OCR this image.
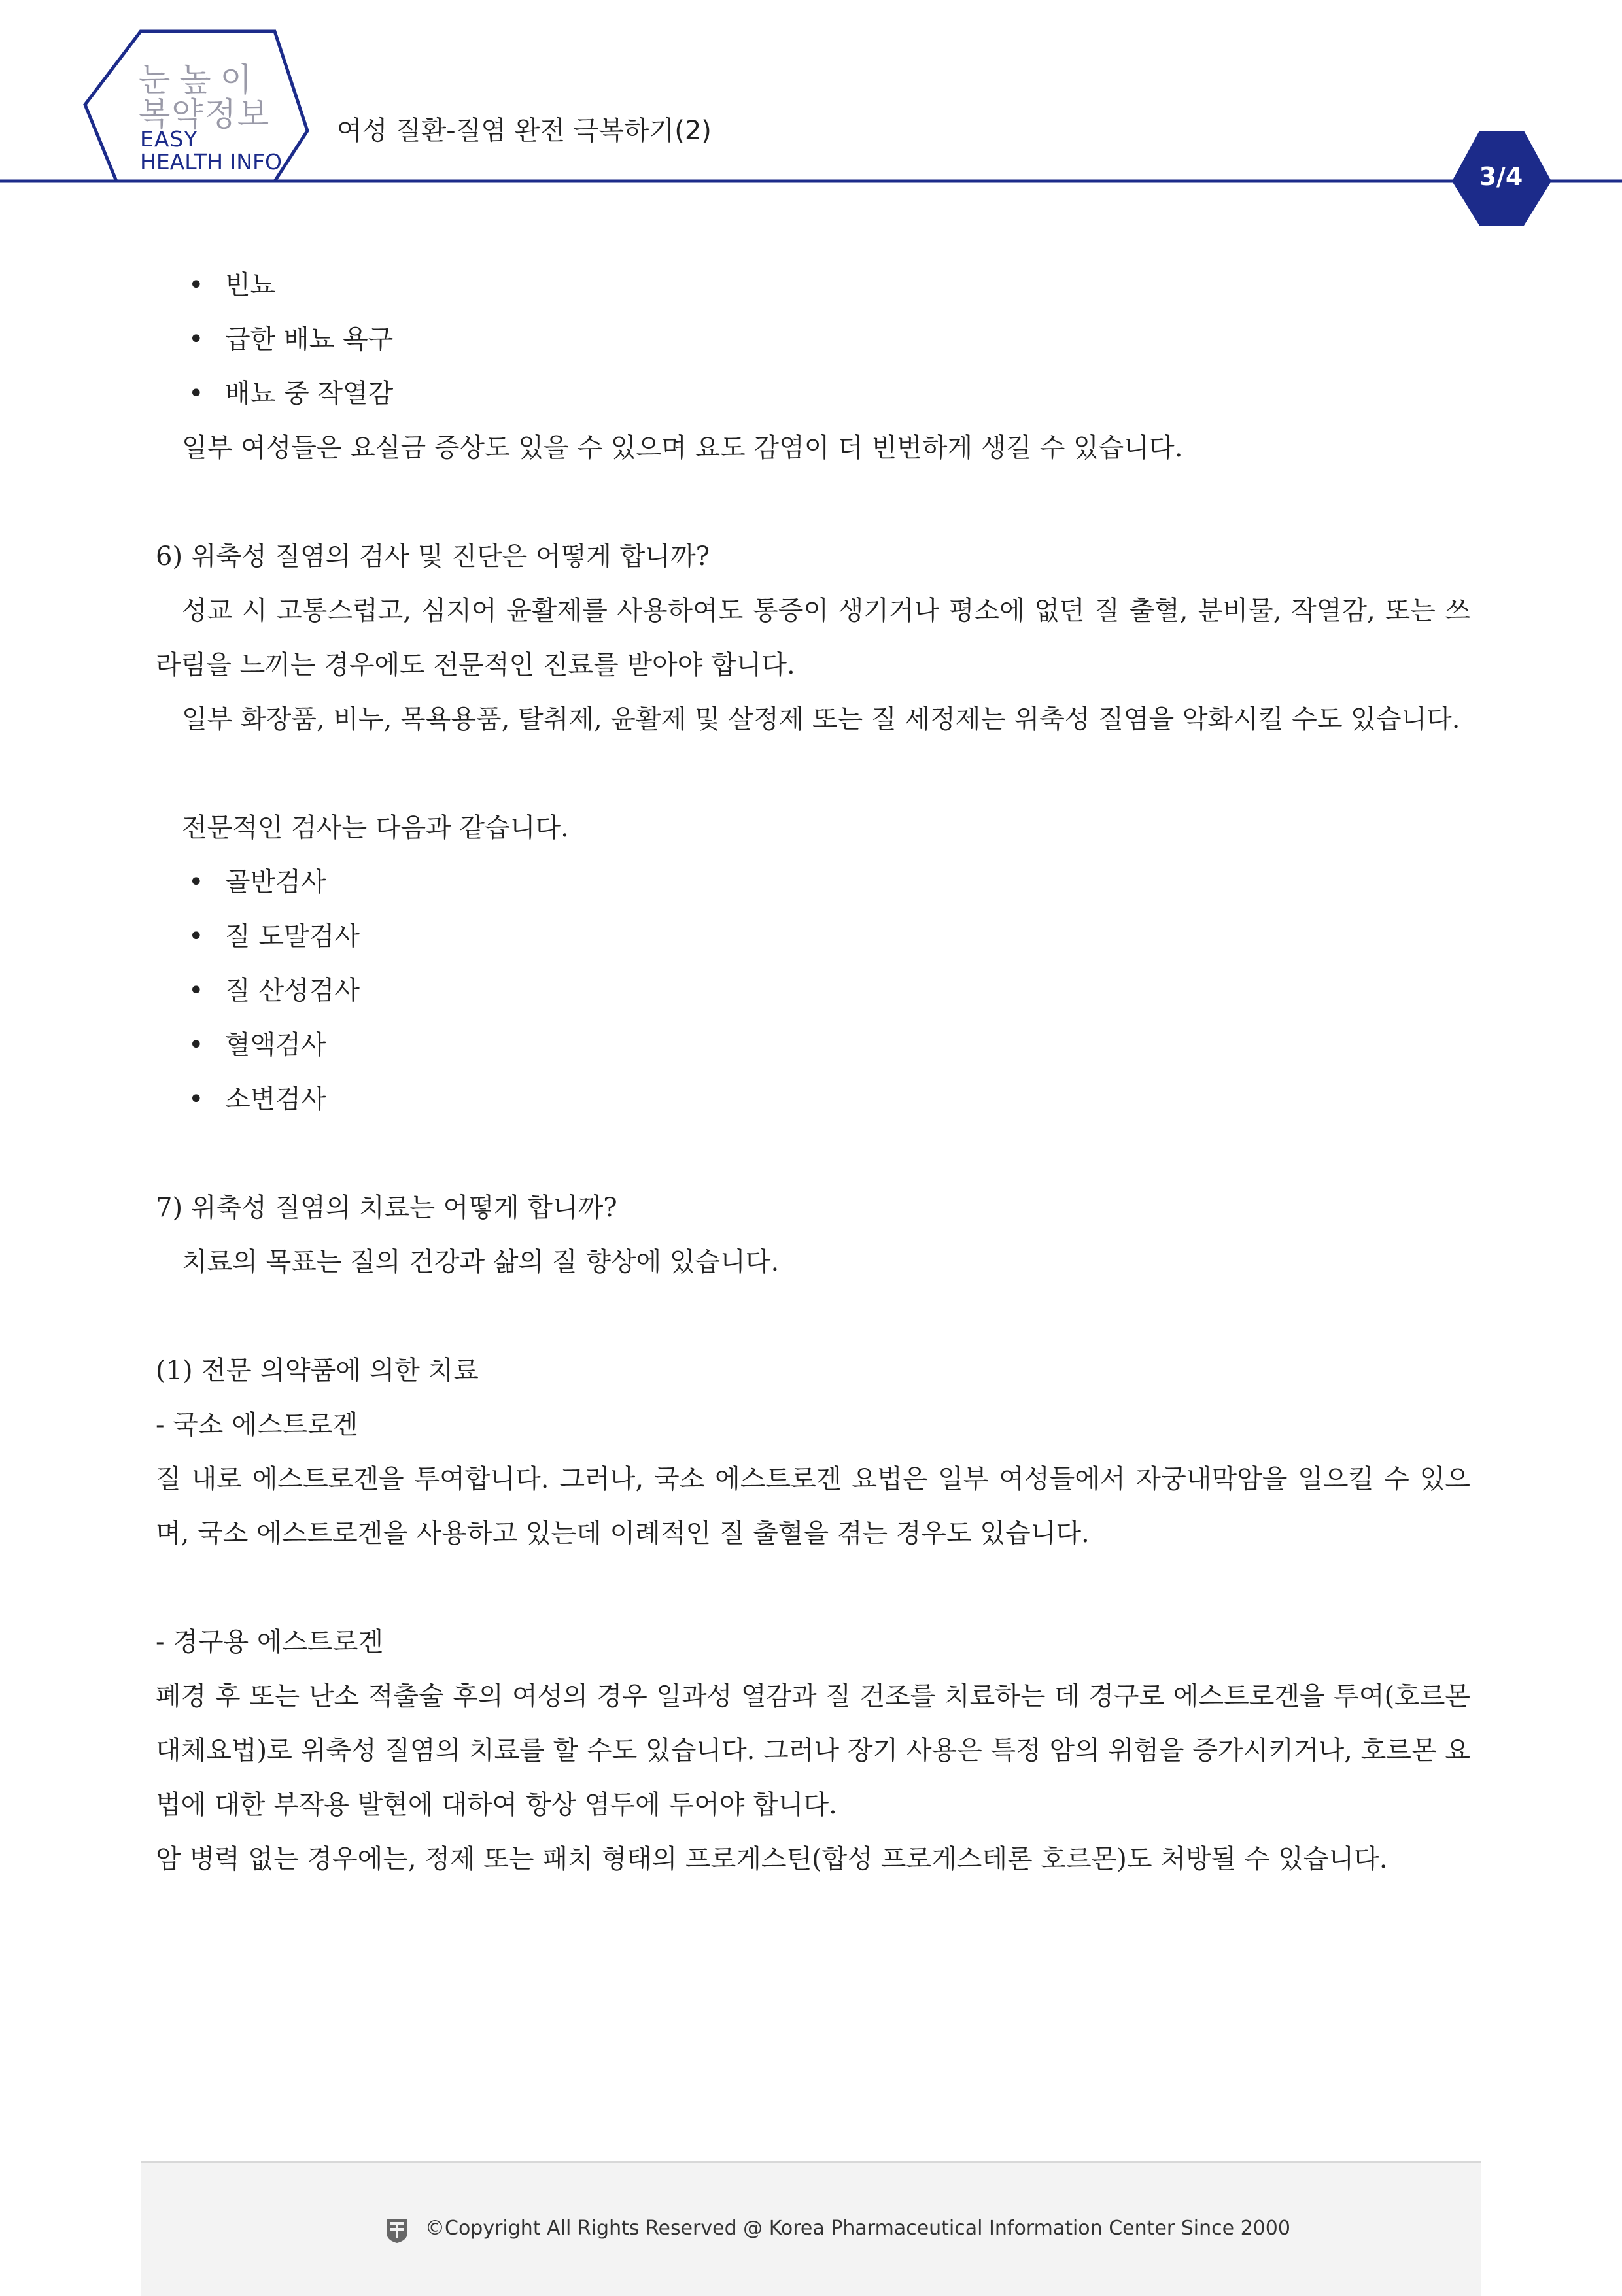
눈높이
복약정보
EASY
HEALTH INFO
여성 질환-질염 완전 극복하기(2)
3/4

• 빈뇨

• 급한 배뇨 욕구

• 배뇨 중 작열감

일부 여성들은 요실금 증상도 있을 수 있으며 요도 감염이 더 빈번하게 생길 수 있습니다.

6) 위축성 질염의 검사 및 진단은 어떻게 합니까?

성교 시 고통스럽고, 심지어 윤활제를 사용하여도 통증이 생기거나 평소에 없던 질 출혈, 분비물, 작열감, 또는 쓰라림을 느끼는 경우에도 전문적인 진료를 받아야 합니다.

일부 화장품, 비누, 목욕용품, 탈취제, 윤활제 및 살정제 또는 질 세정제는 위축성 질염을 악화시킬 수도 있습니다.

전문적인 검사는 다음과 같습니다.

• 골반검사

• 질 도말검사

• 질 산성검사

• 혈액검사

• 소변검사

7) 위축성 질염의 치료는 어떻게 합니까?

치료의 목표는 질의 건강과 삶의 질 향상에 있습니다.

(1) 전문 의약품에 의한 치료

- 국소 에스트로겐

질 내로 에스트로겐을 투여합니다. 그러나, 국소 에스트로겐 요법은 일부 여성들에서 자궁내막암을 일으킬 수 있으며, 국소 에스트로겐을 사용하고 있는데 이례적인 질 출혈을 겪는 경우도 있습니다.

- 경구용 에스트로겐

폐경 후 또는 난소 적출술 후의 여성의 경우 일과성 열감과 질 건조를 치료하는 데 경구로 에스트로겐을 투여(호르몬 대체요법)로 위축성 질염의 치료를 할 수도 있습니다. 그러나 장기 사용은 특정 암의 위험을 증가시키거나, 호르몬 요법에 대한 부작용 발현에 대하여 항상 염두에 두어야 합니다.

암 병력 없는 경우에는, 정제 또는 패치 형태의 프로게스틴(합성 프로게스테론 호르몬)도 처방될 수 있습니다.

©Copyright All Rights Reserved @ Korea Pharmaceutical Information Center Since 2000
